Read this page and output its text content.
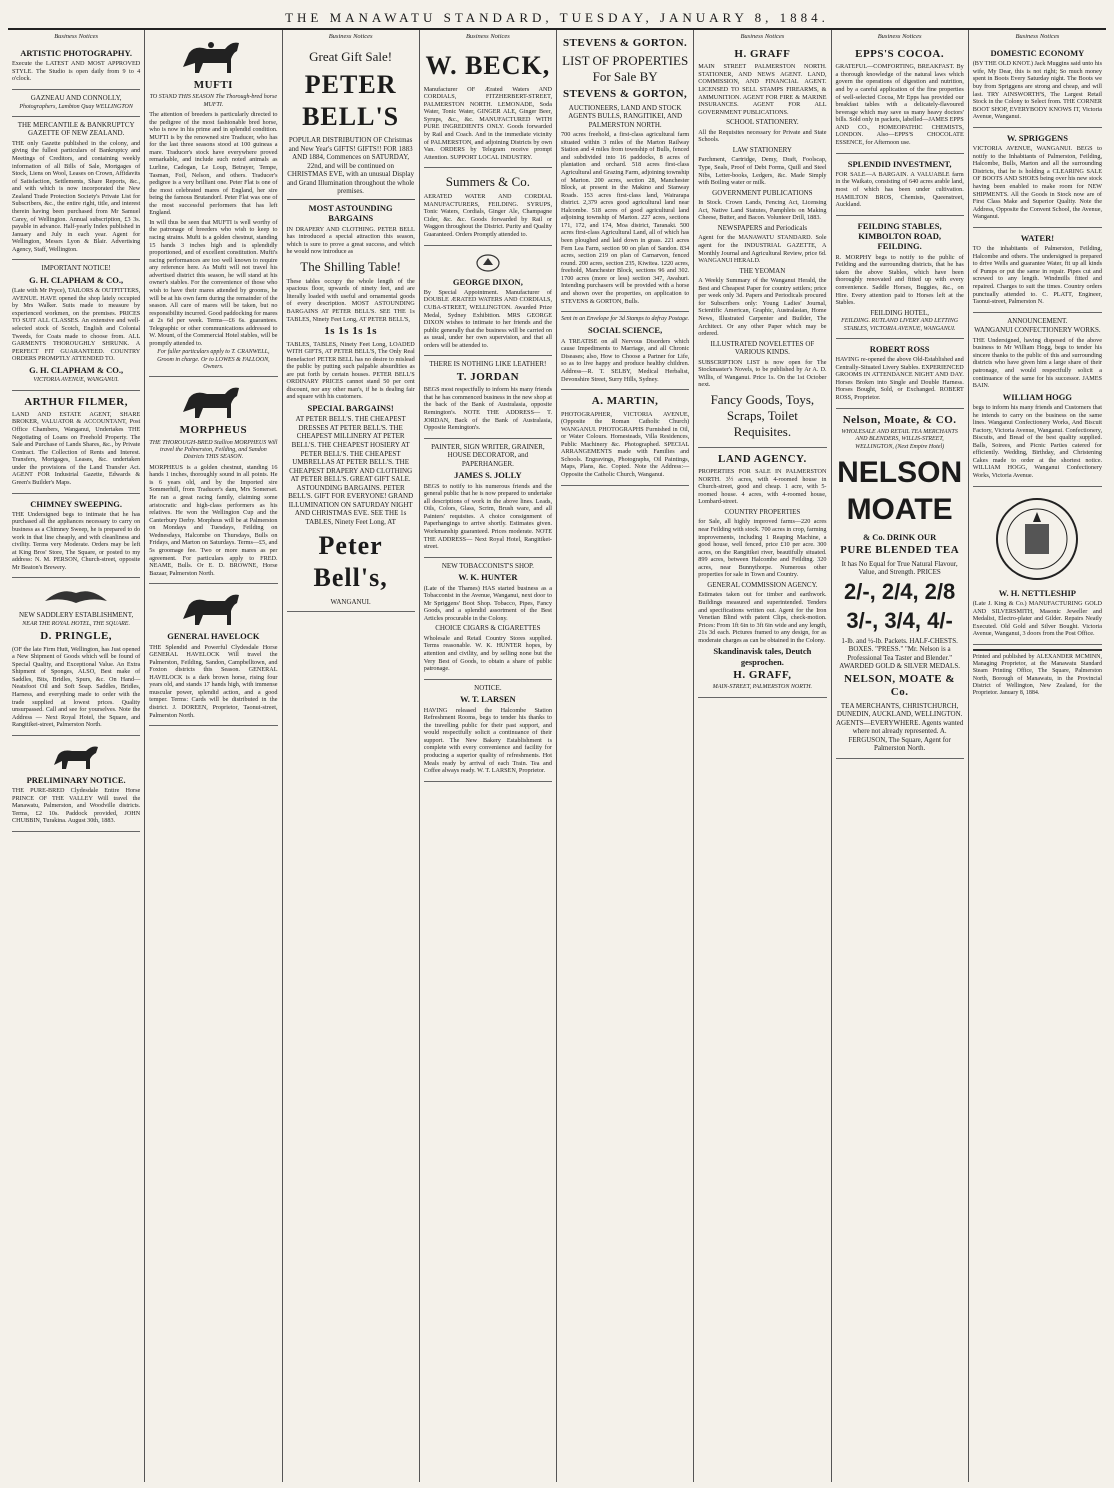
THE MANAWATU STANDARD, TUESDAY, JANUARY 8, 1884.
Business Notices
ARTISTIC PHOTOGRAPHY.
Execute the LATEST AND MOST APPROVED STYLE. The Studio is open daily from 9 to 4 o'clock.
GAZNEAU AND CONNOLLY,
Photographers, Lambton Quay WELLINGTON
THE MERCANTILE & BANKRUPTCY GAZETTE OF NEW ZEALAND.
THE only Gazette published in the colony, and giving the fullest particulars of Bankruptcy and Meetings of Creditors, and containing weekly information of all Bills of Sale, Mortgages of Stock, Liens on Wool, Leases on Crown, Affidavits of Satisfaction, Settlements, Share Reports, &c., and with which is now incorporated the New Zealand Trade Protection Society's Private List for Subscribers, &c., the entire right, title, and interest therein having been purchased from Mr Samuel Carey, of Wellington. Annual subscription, £3 3s. payable in advance. Half-yearly Index published in January and July in each year. Agent for Wellington, Messrs Lyon & Blair. Advertising Agency, Staff, Wellington.
IMPORTANT NOTICE!
G. H. CLAPHAM & CO.,
(Late with Mr Pryce), TAILORS & OUTFITTERS, AVENUE. HAVE opened the shop lately occupied by Mrs Walker. Suits made to measure by experienced workmen, on the premises. PRICES TO SUIT ALL CLASSES. An extensive and well-selected stock of Scotch, English and Colonial Tweeds, for Coats made to choose from. ALL GARMENTS THOROUGHLY SHRUNK. A PERFECT FIT GUARANTEED. COUNTRY ORDERS PROMPTLY ATTENDED TO.
G. H. CLAPHAM & CO.,
VICTORIA AVENUE, WANGANUI.
ARTHUR FILMER,
LAND AND ESTATE AGENT, SHARE BROKER, VALUATOR & ACCOUNTANT, Post Office Chambers, Wanganui, Undertakes THE Negotiating of Loans on Freehold Property. The Sale and Purchase of Lands Shares, &c., by Private Contract. The Collection of Rents and Interest. Transfers, Mortgages, Leases, &c. undertaken under the provisions of the Land Transfer Act. AGENT FOR Industrial Gazette, Edwards & Green's Builder's Maps.
CHIMNEY SWEEPING.
THE Undersigned begs to intimate that he has purchased all the appliances necessary to carry on business as a Chimney Sweep, he is prepared to do work in that line cheaply, and with cleanliness and civility. Terms very Moderate. Orders may be left at King Bros' Store, The Square, or posted to my address: N. M. PERSON, Church-street, opposite Mr Beaton's Brewery.
NEW SADDLERY ESTABLISHMENT,
NEAR THE ROYAL HOTEL, THE SQUARE.
D. PRINGLE,
(OF the late Firm Hutt, Wellington, has Just opened a New Shipment of Goods which will be found of Special Quality, and Exceptional Value. An Extra Shipment of Sponges, ALSO, Best make of Saddles, Bits, Bridles, Spurs, &c. On Hand—Neatsfoot Oil and Soft Soap. Saddles, Bridles, Harness, and everything made to order with the trade supplied at lowest prices. Quality unsurpassed. Call and see for yourselves. Note the Address — Next Royal Hotel, the Square, and Rangitikei-street, Palmerston North.
PRELIMINARY NOTICE.
THE PURE-BRED Clydesdale Entire Horse PRINCE OF THE VALLEY Will travel the Manawatu, Palmerston, and Woodville districts. Terms, £2 10s. Paddock provided, JOHN CHUBBIN, Turakina. August 30th, 1883.
MUFTI
TO STAND THIS SEASON The Thorough-bred horse MUFTI.
The attention of breeders is particularly directed to the pedigree of the most fashionable bred horse, who is now in his prime and in splendid condition. MUFTI is by the renowned sire Traducer, who has for the last three seasons stood at 100 guineas a mare. Traducer's stock have everywhere proved remarkable, and include such noted animals as Lurline, Cadogan, Le Loup, Betrayer, Tempe, Tasman, Foil, Nelson, and others. Traducer's pedigree is a very brilliant one. Peter Flat is one of the most celebrated mares of England, her sire being the famous Brutandorf. Peter Flat was one of the most successful performers that has left England.
In will thus be seen that MUFTI is well worthy of the patronage of breeders who wish to keep to racing strains. Mufti is a golden chestnut, standing 15 hands 3 inches high and is splendidly proportioned, and of excellent constitution. Mufti's racing performances are too well known to require any reference here. As Mufti will not travel his advertised district this season, he will stand at his owner's stables. For the convenience of those who wish to have their mares attended by grooms, he will be at his own farm during the remainder of the season. All care of mares will be taken, but no responsibility incurred. Good paddocking for mares at 2s 6d per week. Terms—£6 6s. guarantees. Telegraphic or other communications addressed to W. Mount, of the Commercial Hotel stables, will be promptly attended to.
For fuller particulars apply to T. CRANWELL, Groom in charge. Or to LOWES & FALLOON, Owners.
MORPHEUS
THE THOROUGH-BRED Stallion MORPHEUS Will travel the Palmerston, Feilding, and Sandon Districts THIS SEASON.
MORPHEUS is a golden chestnut, standing 16 hands 1 inches, thoroughly sound in all points. He is 6 years old, and by the Imported sire Sommerhill, from Traducer's dam, Mrs Somerset. He ran a great racing family, claiming some aristocratic and high-class performers as his relatives. He won the Wellington Cup and the Canterbury Derby. Morpheus will be at Palmerston on Mondays and Tuesdays, Feilding on Wednesdays, Halcombe on Thursdays, Bulls on Fridays, and Marton on Saturdays. Terms—£5, and 5s groomage fee. Two or more mares as per agreement. For particulars apply to FRED. NEAME, Bulls. Or E. D. BROWNE, Horse Bazaar, Palmerston North.
GENERAL HAVELOCK
THE Splendid and Powerful Clydesdale Horse GENERAL HAVELOCK Will travel the Palmerston, Feilding, Sandon, Campbelltown, and Foxton districts this Season. GENERAL HAVELOCK is a dark brown horse, rising four years old, and stands 17 hands high, with immense muscular power, splendid action, and a good temper. Terms: Cards will be distributed in the district. J. DOREEN, Proprietor, Taonui-street, Palmerston North.
Business Notices
Great Gift Sale!
PETER BELL'S
POPULAR DISTRIBUTION OF Christmas and New Year's GIFTS! GIFTS!! FOR 1883 AND 1884, Commences on SATURDAY, 22nd, and will be continued on CHRISTMAS EVE, with an unusual Display and Grand Illumination throughout the whole premises.
MOST ASTOUNDING BARGAINS
IN DRAPERY AND CLOTHING. PETER BELL has introduced a special attraction this season, which is sure to prove a great success, and which he would now introduce as
The Shilling Table!
These tables occupy the whole length of the spacious floor, upwards of ninety feet, and are literally loaded with useful and ornamental goods of every description. MOST ASTOUNDING BARGAINS AT PETER BELL'S. SEE THE 1s TABLES, Ninety Feet Long, AT PETER BELL'S,
1s 1s 1s 1s
TABLES, TABLES, Ninety Feet Long, LOADED WITH GIFTS, AT PETER BELL'S, The Only Real Benefactor! PETER BELL has no desire to mislead the public by putting such palpable absurdities as are put forth by certain houses. PETER BELL'S ORDINARY PRICES cannot stand 50 per cent discount, nor any other man's, if he is dealing fair and square with his customers.
SPECIAL BARGAINS!
AT PETER BELL'S. THE CHEAPEST DRESSES AT PETER BELL'S. THE CHEAPEST MILLINERY AT PETER BELL'S. THE CHEAPEST HOSIERY AT PETER BELL'S. THE CHEAPEST UMBRELLAS AT PETER BELL'S. THE CHEAPEST DRAPERY AND CLOTHING AT PETER BELL'S. GREAT GIFT SALE. ASTOUNDING BARGAINS. PETER BELL'S. GIFT FOR EVERYONE! GRAND ILLUMINATION ON SATURDAY NIGHT AND CHRISTMAS EVE. SEE THE 1s TABLES, Ninety Feet Long, AT
Peter Bell's,
WANGANUI.
Business Notices
W. BECK,
Manufacturer OF Ærated Waters AND CORDIALS, FITZHERBERT-STREET, PALMERSTON NORTH. LEMONADE, Soda Water, Tonic Water, GINGER ALE, Ginger Beer, Syrups, &c., &c. MANUFACTURED WITH PURE INGREDIENTS ONLY. Goods forwarded by Rail and Coach. And in the immediate vicinity of PALMERSTON, and adjoining Districts by own Van. ORDERS by Telegram receive prompt Attention. SUPPORT LOCAL INDUSTRY.
Summers & Co.
AERATED WATER AND CORDIAL MANUFACTURERS, FEILDING. SYRUPS, Tonic Waters, Cordials, Ginger Ale, Champagne Cider, &c. &c. Goods forwarded by Rail or Waggon throughout the District. Purity and Quality Guaranteed. Orders Promptly attended to.
GEORGE DIXON,
By Special Appointment. Manufacturer of DOUBLE ÆRATED WATERS AND CORDIALS, CUBA-STREET, WELLINGTON. Awarded Prize Medal, Sydney Exhibition. MRS GEORGE DIXON wishes to intimate to her friends and the public generally that the business will be carried on as usual, under her own supervision, and that all orders will be attended to.
THERE IS NOTHING LIKE LEATHER!
T. JORDAN
BEGS most respectfully to inform his many friends that he has commenced business in the new shop at the back of the Bank of Australasia, opposite Remington's. NOTE THE ADDRESS— T. JORDAN, Back of the Bank of Australasia, Opposite Remington's.
PAINTER, SIGN WRITER, GRAINER, HOUSE DECORATOR, and PAPERHANGER.
JAMES S. JOLLY
BEGS to notify to his numerous friends and the general public that he is now prepared to undertake all descriptions of work in the above lines. Leads, Oils, Colors, Glass, Scrim, Brush ware, and all Painters' requisites. A choice consignment of Paperhangings to arrive shortly. Estimates given. Workmanship guaranteed. Prices moderate. NOTE THE ADDRESS— Next Royal Hotel, Rangitikei-street.
NEW TOBACCONIST'S SHOP.
W. K. HUNTER
(Late of the Thames) HAS started business as a Tobacconist in the Avenue, Wanganui, next door to Mr Spriggens' Boot Shop. Tobacco, Pipes, Fancy Goods, and a splendid assortment of the Best Articles procurable in the Colony.
CHOICE CIGARS & CIGARETTES
Wholesale and Retail Country Stores supplied. Terms reasonable. W. K. HUNTER hopes, by attention and civility, and by selling none but the Very Best of Goods, to obtain a share of public patronage.
NOTICE.
W. T. LARSEN
HAVING released the Halcombe Station Refreshment Rooms, begs to tender his thanks to the travelling public for their past support, and would respectfully solicit a continuance of their support. The New Bakery Establishment is complete with every convenience and facility for producing a superior quality of refreshments. Hot Meals ready by arrival of each Train. Tea and Coffee always ready. W. T. LARSEN, Proprietor.
STEVENS & GORTON.
LIST OF PROPERTIES For Sale BY
STEVENS & GORTON,
AUCTIONEERS, LAND AND STOCK AGENTS BULLS, RANGITIKEI, AND PALMERSTON NORTH.
700 acres freehold, a first-class agricultural farm situated within 3 miles of the Marton Railway Station and 4 miles from township of Bulls, fenced and subdivided into 16 paddocks, 8 acres of plantation and orchard. 518 acres first-class Agricultural and Grazing Farm, adjoining township of Marton. 200 acres, section 28, Manchester Block, at present in the Makino and Stanway Roads. 153 acres first-class land, Wairarapa district. 2,379 acres good agricultural land near Halcombe. 518 acres of good agricultural land adjoining township of Marton. 227 acres, sections 171, 172, and 174, Moa district, Taranaki. 500 acres first-class Agricultural Land, all of which has been ploughed and laid down in grass. 221 acres Fern Lea Farm, section 90 on plan of Sandon. 834 acres, section 219 on plan of Carnarvon, fenced round. 200 acres, section 235, Kiwitea. 1220 acres, freehold, Manchester Block, sections 96 and 302. 1700 acres (more or less) section 347, Awahuri. Intending purchasers will be provided with a horse and shown over the properties, on application to STEVENS & GORTON, Bulls.
Sent in an Envelope for 3d Stamps to defray Postage.
SOCIAL SCIENCE,
A TREATISE on all Nervous Disorders which cause Impediments to Marriage, and all Chronic Diseases; also, How to Choose a Partner for Life, so as to live happy and produce healthy children. Address—R. T. SELBY, Medical Herbalist, Devonshire Street, Surry Hills, Sydney.
A. MARTIN,
PHOTOGRAPHER, VICTORIA AVENUE, (Opposite the Roman Catholic Church) WANGANUI. PHOTOGRAPHS Furnished in Oil, or Water Colours. Homesteads, Villa Residences, Public Machinery &c. Photographed. SPECIAL ARRANGEMENTS made with Families and Schools. Engravings, Photographs, Oil Paintings, Maps, Plans, &c. Copied. Note the Address:—Opposite the Catholic Church, Wanganui.
Business Notices
H. GRAFF
MAIN STREET PALMERSTON NORTH. STATIONER, AND NEWS AGENT. LAND, COMMISSION, AND FINANCIAL AGENT. LICENSED TO SELL STAMPS FIREARMS, & AMMUNITION. AGENT FOR FIRE & MARINE INSURANCES. AGENT FOR ALL GOVERNMENT PUBLICATIONS.
SCHOOL STATIONERY.
All the Requisites necessary for Private and State Schools.
LAW STATIONERY
Parchment, Cartridge, Demy, Draft, Foolscap, Type, Seals, Proof of Debt Forms, Quill and Steel Nibs, Letter-books, Ledgers, &c. Made Simply with Boiling water or milk.
GOVERNMENT PUBLICATIONS
In Stock. Crown Lands, Fencing Act, Licensing Act, Native Land Statutes, Pamphlets on Making Cheese, Butter, and Bacon. Volunteer Drill, 1883.
NEWSPAPERS and Periodicals
Agent for the MANAWATU STANDARD. Sole agent for the INDUSTRIAL GAZETTE, A Monthly Journal and Agricultural Review, price 6d. WANGANUI HERALD.
THE YEOMAN
A Weekly Summary of the Wanganui Herald, the Best and Cheapest Paper for country settlers; price per week only 3d. Papers and Periodicals procured for Subscribers only: Young Ladies' Journal, Scientific American, Graphic, Australasian, Home News, Illustrated Carpenter and Builder, The Architect. Or any other Paper which may be ordered.
ILLUSTRATED NOVELETTES OF VARIOUS KINDS.
SUBSCRIPTION LIST is now open for The Stockmaster's Novels, to be published by Ar A. D. Willis, of Wanganui. Price 1s. On the 1st October next.
Fancy Goods, Toys, Scraps, Toilet Requisites.
LAND AGENCY.
PROPERTIES FOR SALE IN PALMERSTON NORTH. 3½ acres, with 4-roomed house in Church-street, good and cheap. 1 acre, with 5-roomed house. 4 acres, with 4-roomed house, Lombard-street.
COUNTRY PROPERTIES
for Sale, all highly improved farms—220 acres near Feilding with stock. 700 acres in crop, farming improvements, including 1 Reaping Machine, a good house, well fenced, price £10 per acre. 300 acres, on the Rangitikei river, beautifully situated. 899 acres, between Halcombe and Feilding. 320 acres, near Bunnythorpe. Numerous other properties for sale in Town and Country.
GENERAL COMMISSION AGENCY.
Estimates taken out for timber and earthwork. Buildings measured and superintended. Tenders and specifications written out. Agent for the Iron Venetian Blind with patent Clips, check-motion. Prices: From 1ft 6in to 3ft 6in wide and any length, 21s 3d each. Pictures framed to any design, for as moderate charges as can be obtained in the Colony.
Skandinavisk tales, Deutch gesprochen.
H. GRAFF,
MAIN-STREET, PALMERSTON NORTH.
Business Notices
EPPS'S COCOA.
GRATEFUL—COMFORTING, BREAKFAST. By a thorough knowledge of the natural laws which govern the operations of digestion and nutrition, and by a careful application of the fine properties of well-selected Cocoa, Mr Epps has provided our breakfast tables with a delicately-flavoured beverage which may save us many heavy doctors' bills. Sold only in packets, labelled—JAMES EPPS AND CO., HOMEOPATHIC CHEMISTS, LONDON. Also—EPPS'S CHOCOLATE ESSENCE, for Afternoon use.
SPLENDID INVESTMENT,
FOR SALE—A BARGAIN. A VALUABLE farm in the Waikato, consisting of 640 acres arable land, most of which has been under cultivation. HAMILTON BROS, Chemists, Queenstreet, Auckland.
FEILDING STABLES, KIMBOLTON ROAD, FEILDING.
R. MORPHY begs to notify to the public of Feilding and the surrounding districts, that he has taken the above Stables, which have been thoroughly renovated and fitted up with every convenience. Saddle Horses, Buggies, &c., on Hire. Every attention paid to Horses left at the Stables.
FEILDING HOTEL,
FEILDING. RUTLAND LIVERY AND LETTING STABLES, VICTORIA AVENUE, WANGANUI.
ROBERT ROSS
HAVING re-opened the above Old-Established and Centrally-Situated Livery Stables. EXPERIENCED GROOMS IN ATTENDANCE NIGHT AND DAY. Horses Broken into Single and Double Harness. Horses Bought, Sold, or Exchanged. ROBERT ROSS, Proprietor.
Nelson, Moate, & CO.
WHOLESALE AND RETAIL TEA MERCHANTS AND BLENDERS, WILLIS-STREET, WELLINGTON, (Next Empire Hotel)
NELSON MOATE
& Co. DRINK OUR
PURE BLENDED TEA
It has No Equal for True Natural Flavour, Value, and Strength. PRICES
2/-, 2/4, 2/8
3/-, 3/4, 4/-
1-lb. and ½-lb. Packets. HALF-CHESTS. BOXES. "PRESS." "Mr. Nelson is a Professional Tea Taster and Blender." AWARDED GOLD & SILVER MEDALS.
NELSON, MOATE & Co.
TEA MERCHANTS, CHRISTCHURCH, DUNEDIN, AUCKLAND, WELLINGTON. AGENTS—EVERYWHERE. Agents wanted where not already represented. A. FERGUSON, The Square, Agent for Palmerston North.
Business Notices
DOMESTIC ECONOMY
(BY THE OLD KNOT.) Jack Muggins said unto his wife, My Dear, this is not right; So much money spent in Boots Every Saturday night. The Boots we buy from Spriggens are strong and cheap, and will last. TRY AINSWORTH'S, The Largest Retail Stock in the Colony to Select from. THE CORNER BOOT SHOP, EVERYBODY KNOWS IT, Victoria Avenue, Wanganui.
W. SPRIGGENS
VICTORIA AVENUE, WANGANUI. BEGS to notify to the Inhabitants of Palmerston, Feilding, Halcombe, Bulls, Marton and all the surrounding Districts, that he is holding a CLEARING SALE OF BOOTS AND SHOES being over his new stock having been enabled to make room for NEW SHIPMENTS. All the Goods in Stock now are of First Class Make and Superior Quality. Note the Address, Opposite the Convent School, the Avenue, Wanganui.
WATER!
TO the inhabitants of Palmerston, Feilding, Halcombe and others. The undersigned is prepared to drive Wells and guarantee Water, fit up all kinds of Pumps or put the same in repair. Pipes cut and screwed to any length. Windmills fitted and repaired. Charges to suit the times. Country orders punctually attended to. C. PLATT, Engineer, Taonui-street, Palmerston N.
ANNOUNCEMENT.
WANGANUI CONFECTIONERY WORKS.
THE Undersigned, having disposed of the above business to Mr William Hogg, begs to tender his sincere thanks to the public of this and surrounding districts who have given him a large share of their patronage, and would respectfully solicit a continuance of the same for his successor. JAMES BAIN.
WILLIAM HOGG
begs to inform his many friends and Customers that he intends to carry on the business on the same lines. Wanganui Confectionery Works, And Biscuit Factory, Victoria Avenue, Wanganui. Confectionery, Biscuits, and Bread of the best quality supplied. Balls, Soirees, and Picnic Parties catered for efficiently. Wedding, Birthday, and Christening Cakes made to order at the shortest notice. WILLIAM HOGG, Wanganui Confectionery Works, Victoria Avenue.
W. H. NETTLESHIP
(Late J. King & Co.) MANUFACTURING GOLD AND SILVERSMITH, Masonic Jeweller and Medalist, Electro-plater and Gilder. Repairs Neatly Executed. Old Gold and Silver Bought. Victoria Avenue, Wanganui, 3 doors from the Post Office.
Printed and published by ALEXANDER MCMINN, Managing Proprietor, at the Manawatu Standard Steam Printing Office, The Square, Palmerston North, Borough of Manawatu, in the Provincial District of Wellington, New Zealand, for the Proprietor. January 8, 1884.
